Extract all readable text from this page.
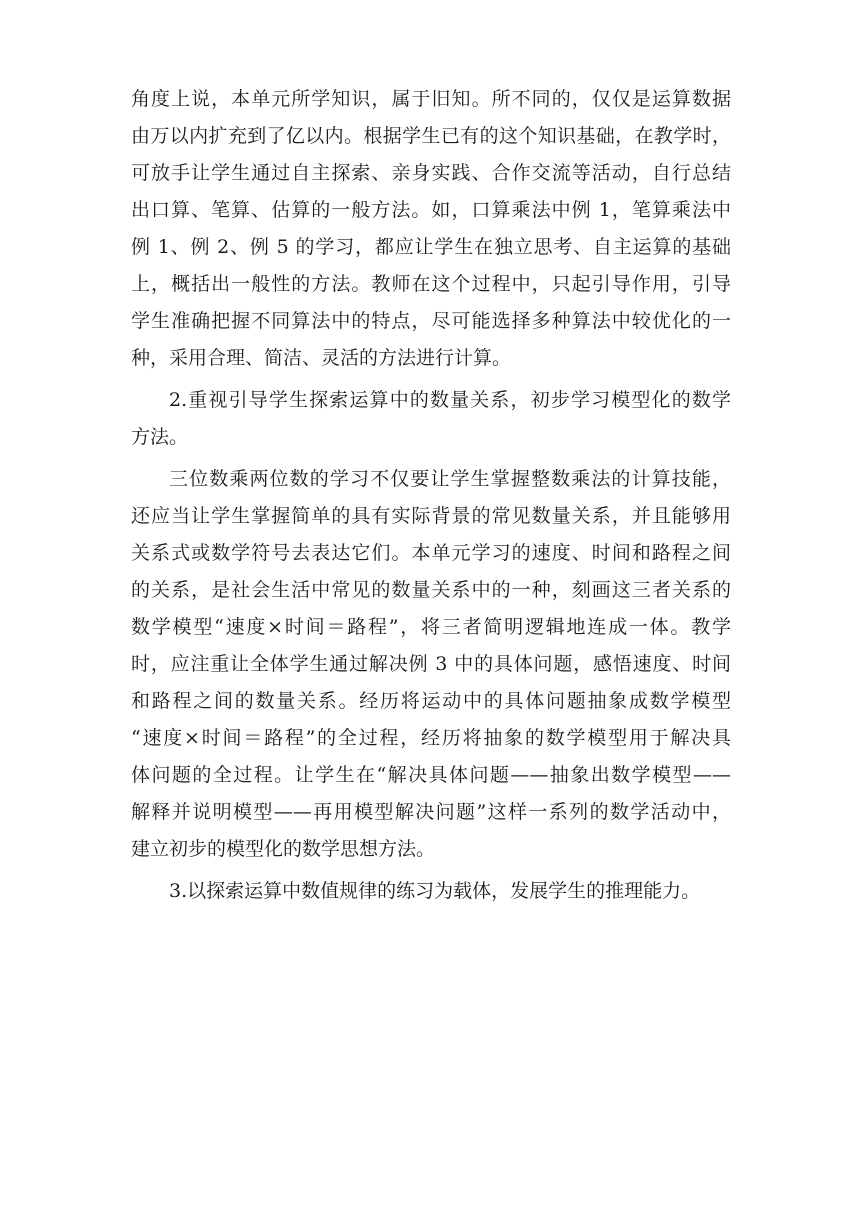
角度上说，本单元所学知识，属于旧知。所不同的，仅仅是运算数据
由万以内扩充到了亿以内。根据学生已有的这个知识基础，在教学时，
可放手让学生通过自主探索、亲身实践、合作交流等活动，自行总结
出口算、笔算、估算的一般方法。如，口算乘法中例 1，笔算乘法中
例 1、例 2、例 5 的学习，都应让学生在独立思考、自主运算的基础
上，概括出一般性的方法。教师在这个过程中，只起引导作用，引导
学生准确把握不同算法中的特点，尽可能选择多种算法中较优化的一
种，采用合理、简洁、灵活的方法进行计算。
2.重视引导学生探索运算中的数量关系，初步学习模型化的数学
方法。
三位数乘两位数的学习不仅要让学生掌握整数乘法的计算技能，
还应当让学生掌握简单的具有实际背景的常见数量关系，并且能够用
关系式或数学符号去表达它们。本单元学习的速度、时间和路程之间
的关系，是社会生活中常见的数量关系中的一种，刻画这三者关系的
数学模型“速度×时间＝路程”，将三者简明逻辑地连成一体。教学
时，应注重让全体学生通过解决例 3 中的具体问题，感悟速度、时间
和路程之间的数量关系。经历将运动中的具体问题抽象成数学模型
“速度×时间＝路程”的全过程，经历将抽象的数学模型用于解决具
体问题的全过程。让学生在“解决具体问题——抽象出数学模型——
解释并说明模型——再用模型解决问题”这样一系列的数学活动中，
建立初步的模型化的数学思想方法。
3.以探索运算中数值规律的练习为载体，发展学生的推理能力。
